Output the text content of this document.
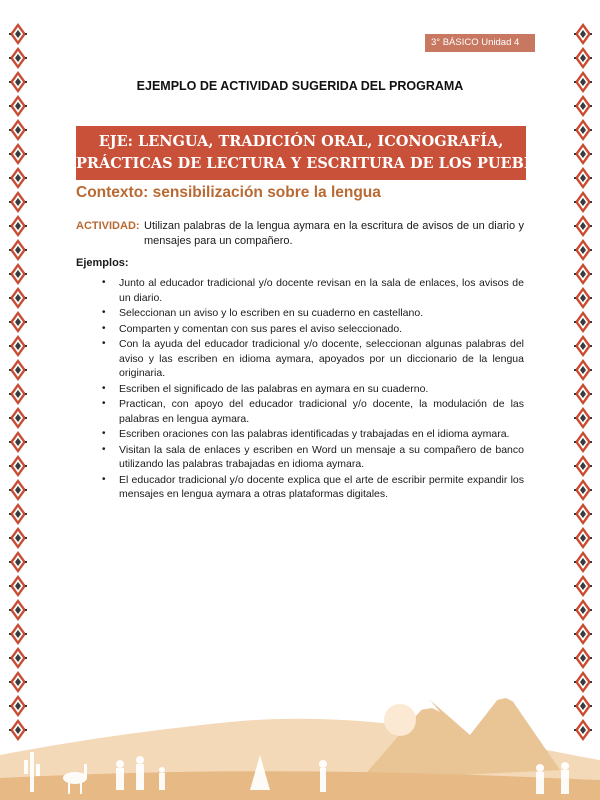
3° BÁSICO Unidad 4
EJEMPLO DE ACTIVIDAD SUGERIDA DEL PROGRAMA
EJE: LENGUA, TRADICIÓN ORAL, ICONOGRAFÍA,
PRÁCTICAS DE LECTURA Y ESCRITURA DE LOS PUEBLOS
Contexto: sensibilización sobre la lengua
ACTIVIDAD: Utilizan palabras de la lengua aymara en la escritura de avisos de un diario y mensajes para un compañero.
Ejemplos:
• Junto al educador tradicional y/o docente revisan en la sala de enlaces, los avisos de un diario.
• Seleccionan un aviso y lo escriben en su cuaderno en castellano.
• Comparten y comentan con sus pares el aviso seleccionado.
• Con la ayuda del educador tradicional y/o docente, seleccionan algunas palabras del aviso y las escriben en idioma aymara, apoyados por un diccionario de la lengua originaria.
• Escriben el significado de las palabras en aymara en su cuaderno.
• Practican, con apoyo del educador tradicional y/o docente, la modulación de las palabras en lengua aymara.
• Escriben oraciones con las palabras identificadas y trabajadas en el idioma aymara.
• Visitan la sala de enlaces y escriben en Word un mensaje a su compañero de banco utilizando las palabras trabajadas en idioma aymara.
• El educador tradicional y/o docente explica que el arte de escribir permite expandir los mensajes en lengua aymara a otras plataformas digitales.
